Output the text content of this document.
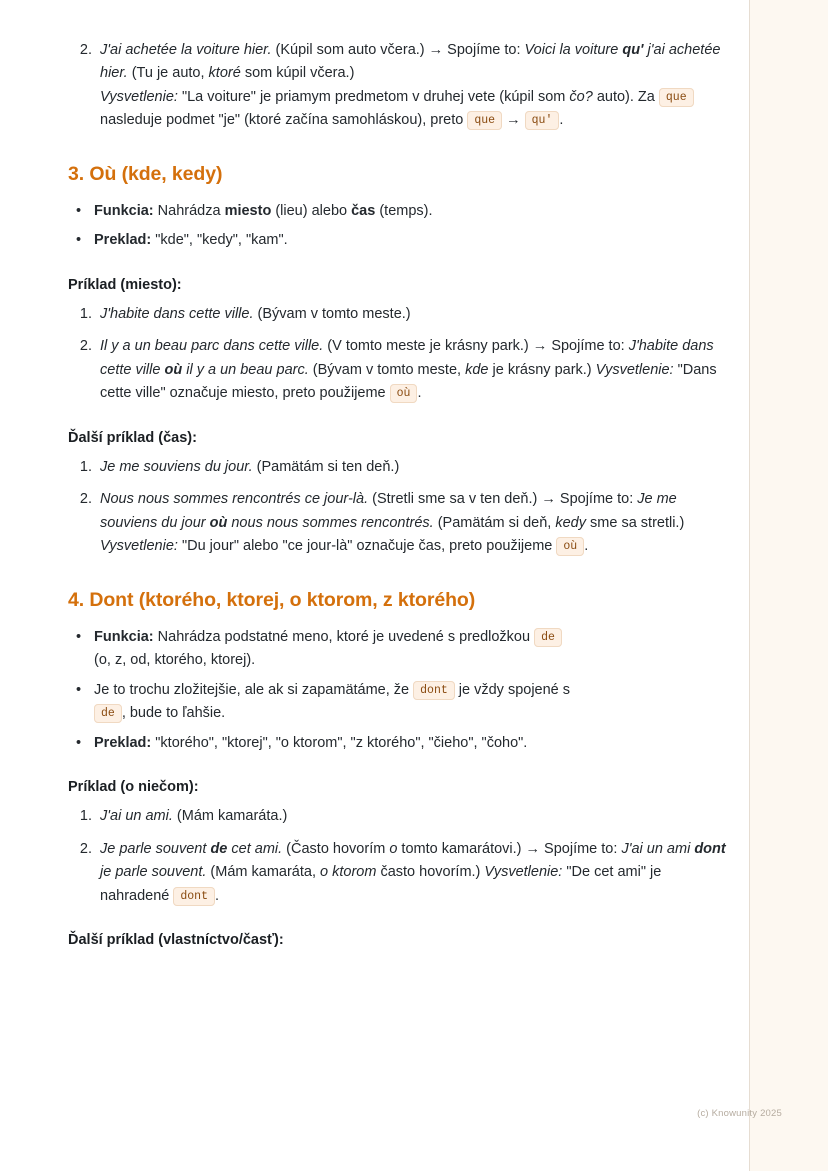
2. J'ai achetée la voiture hier. (Kúpil som auto včera.) → Spojíme to: Voici la voiture qu' j'ai achetée hier. (Tu je auto, ktoré som kúpil včera.)
Vysvetlenie: "La voiture" je priamym predmetom v druhej vete (kúpil som čo? auto). Za que nasleduje podmet "je" (ktoré začína samohláskou), preto que → qu' .
3. Où (kde, kedy)
• Funkcia: Nahrádza miesto (lieu) alebo čas (temps).
• Preklad: "kde", "kedy", "kam".
Príklad (miesto):
1. J'habite dans cette ville. (Bývam v tomto meste.)
2. Il y a un beau parc dans cette ville. (V tomto meste je krásny park.) → Spojíme to: J'habite dans cette ville où il y a un beau parc. (Bývam v tomto meste, kde je krásny park.) Vysvetlenie: "Dans cette ville" označuje miesto, preto použijeme où .
Ďalší príklad (čas):
1. Je me souviens du jour. (Pamätám si ten deň.)
2. Nous nous sommes rencontrés ce jour-là. (Stretli sme sa v ten deň.) → Spojíme to: Je me souviens du jour où nous nous sommes rencontrés. (Pamätám si deň, kedy sme sa stretli.) Vysvetlenie: "Du jour" alebo "ce jour-là" označuje čas, preto použijeme où .
4. Dont (ktorého, ktorej, o ktorom, z ktorého)
• Funkcia: Nahrádza podstatné meno, ktoré je uvedené s predložkou de
(o, z, od, ktorého, ktorej).
• Je to trochu zložitejšie, ale ak si zapamätáme, že dont je vždy spojené s
de , bude to ľahšie.
• Preklad: "ktorého", "ktorej", "o ktorom", "z ktorého", "čieho", "čoho".
Príklad (o niečom):
1. J'ai un ami. (Mám kamaráta.)
2. Je parle souvent de cet ami. (Často hovorím o tomto kamarátovi.) → Spojíme to: J'ai un ami dont je parle souvent. (Mám kamaráta, o ktorom často hovorím.) Vysvetlenie: "De cet ami" je nahradené dont .
Ďalší príklad (vlastníctvo/časť):
(c) Knowunity 2025
